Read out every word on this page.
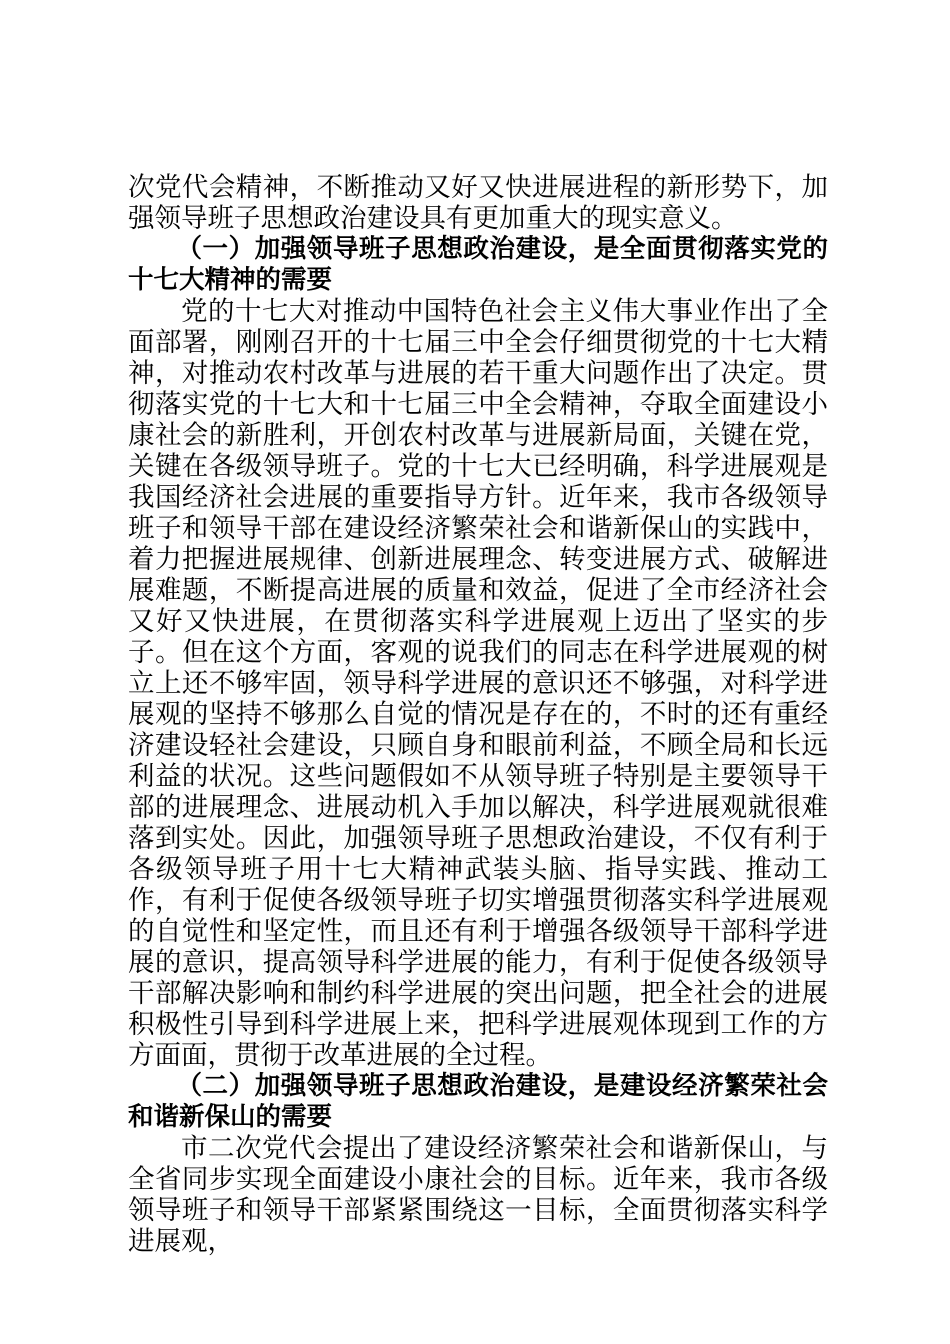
次党代会精神，不断推动又好又快进展进程的新形势下，加强领导班子思想政治建设具有更加重大的现实意义。

（一）加强领导班子思想政治建设，是全面贯彻落实党的十七大精神的需要

党的十七大对推动中国特色社会主义伟大事业作出了全面部署，刚刚召开的十七届三中全会仔细贯彻党的十七大精神，对推动农村改革与进展的若干重大问题作出了决定。贯彻落实党的十七大和十七届三中全会精神，夺取全面建设小康社会的新胜利，开创农村改革与进展新局面，关键在党，关键在各级领导班子。党的十七大已经明确，科学进展观是我国经济社会进展的重要指导方针。近年来，我市各级领导班子和领导干部在建设经济繁荣社会和谐新保山的实践中，着力把握进展规律、创新进展理念、转变进展方式、破解进展难题，不断提高进展的质量和效益，促进了全市经济社会又好又快进展，在贯彻落实科学进展观上迈出了坚实的步子。但在这个方面，客观的说我们的同志在科学进展观的树立上还不够牢固，领导科学进展的意识还不够强，对科学进展观的坚持不够那么自觉的情况是存在的，不时的还有重经济建设轻社会建设，只顾自身和眼前利益，不顾全局和长远利益的状况。这些问题假如不从领导班子特别是主要领导干部的进展理念、进展动机入手加以解决，科学进展观就很难落到实处。因此，加强领导班子思想政治建设，不仅有利于各级领导班子用十七大精神武装头脑、指导实践、推动工作，有利于促使各级领导班子切实增强贯彻落实科学进展观的自觉性和坚定性，而且还有利于增强各级领导干部科学进展的意识，提高领导科学进展的能力，有利于促使各级领导干部解决影响和制约科学进展的突出问题，把全社会的进展积极性引导到科学进展上来，把科学进展观体现到工作的方方面面，贯彻于改革进展的全过程。

（二）加强领导班子思想政治建设，是建设经济繁荣社会和谐新保山的需要

市二次党代会提出了建设经济繁荣社会和谐新保山，与全省同步实现全面建设小康社会的目标。近年来，我市各级领导班子和领导干部紧紧围绕这一目标，全面贯彻落实科学进展观，
